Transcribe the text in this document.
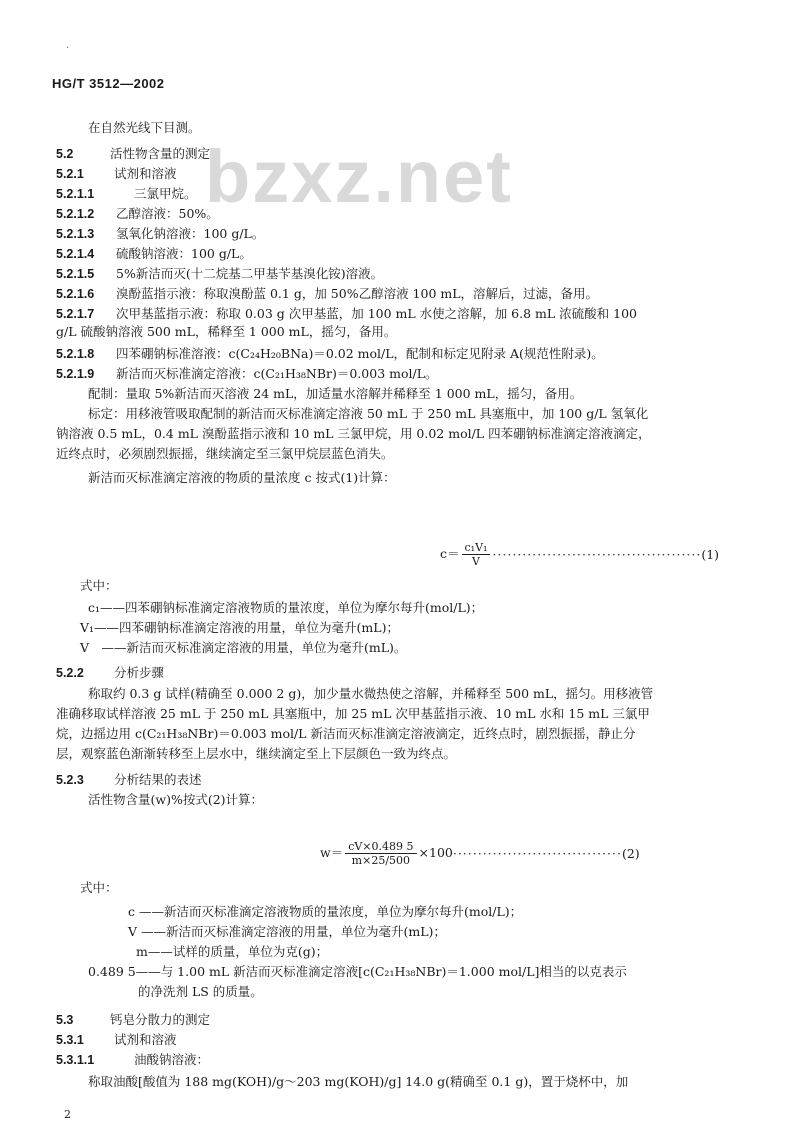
.
HG/T 3512—2002
bzxz.net
在自然光线下目测。
5.2	活性物含量的测定
5.2.1 试剂和溶液
5.2.1.1	三氯甲烷。
5.2.1.2 乙醇溶液：50%。
5.2.1.3 氢氧化钠溶液：100 g/L。
5.2.1.4 硫酸钠溶液：100 g/L。
5.2.1.5 5%新洁而灭(十二烷基二甲基苄基溴化铵)溶液。
5.2.1.6 溴酚蓝指示液：称取溴酚蓝 0.1 g，加 50%乙醇溶液 100 mL，溶解后，过滤，备用。
5.2.1.7 次甲基蓝指示液：称取 0.03 g 次甲基蓝，加 100 mL 水使之溶解，加 6.8 mL 浓硫酸和 100
g/L 硫酸钠溶液 500 mL，稀释至 1 000 mL，摇匀，备用。
5.2.1.8 四苯硼钠标准溶液：c(C₂₄H₂₀BNa)＝0.02 mol/L，配制和标定见附录 A(规范性附录)。
5.2.1.9 新洁而灭标准滴定溶液：c(C₂₁H₃₈NBr)＝0.003 mol/L。
配制：量取 5%新洁而灭溶液 24 mL，加适量水溶解并稀释至 1 000 mL，摇匀，备用。
标定：用移液管吸取配制的新洁而灭标准滴定溶液 50 mL 于 250 mL 具塞瓶中，加 100 g/L 氢氧化
钠溶液 0.5 mL，0.4 mL 溴酚蓝指示液和 10 mL 三氯甲烷，用 0.02 mol/L 四苯硼钠标准滴定溶液滴定，
近终点时，必须剧烈振摇，继续滴定至三氯甲烷层蓝色消失。
新洁而灭标准滴定溶液的物质的量浓度 c 按式(1)计算：
式中：
c₁——四苯硼钠标准滴定溶液物质的量浓度，单位为摩尔每升(mol/L)；
V₁——四苯硼钠标准滴定溶液的用量，单位为毫升(mL)；
V　——新洁而灭标准滴定溶液的用量，单位为毫升(mL)。
5.2.2 分析步骤
称取约 0.3 g 试样(精确至 0.000 2 g)，加少量水微热使之溶解，并稀释至 500 mL，摇匀。用移液管
准确移取试样溶液 25 mL 于 250 mL 具塞瓶中，加 25 mL 次甲基蓝指示液、10 mL 水和 15 mL 三氯甲
烷，边摇边用 c(C₂₁H₃₈NBr)＝0.003 mol/L 新洁而灭标准滴定溶液滴定，近终点时，剧烈振摇，静止分
层，观察蓝色渐渐转移至上层水中，继续滴定至上下层颜色一致为终点。
5.2.3 分析结果的表述
活性物含量(w)%按式(2)计算：
式中：
c ——新洁而灭标准滴定溶液物质的量浓度，单位为摩尔每升(mol/L)；
V ——新洁而灭标准滴定溶液的用量，单位为毫升(mL)；
m——试样的质量，单位为克(g)；
0.489 5——与 1.00 mL 新洁而灭标准滴定溶液[c(C₂₁H₃₈NBr)＝1.000 mol/L]相当的以克表示
的净洗剂 LS 的质量。
5.3	钙皂分散力的测定
5.3.1 试剂和溶液
5.3.1.1	油酸钠溶液：
称取油酸[酸值为 188 mg(KOH)/g～203 mg(KOH)/g] 14.0 g(精确至 0.1 g)，置于烧杯中，加
$c= \frac{\text{c₁V₁}}{V} \cdot\cdot\cdot\cdot\cdot\cdot\cdot\cdot\cdot\cdot\cdot\cdot\cdot\cdot\cdot\cdot\cdot\cdot\cdot\cdot\cdot\cdot\cdot\cdot\cdot\cdot\cdot\cdot\cdot\cdot\cdot\cdot\cdot\cdot\cdot\cdot\cdot\cdot\cdot\cdot\cdot\cdot(1)$
$w= \frac{cV\times 0.489 5}{m\times 25/500} \times 100\cdot\cdot\cdot\cdot\cdot\cdot\cdot\cdot\cdot\cdot\cdot\cdot\cdot\cdot\cdot\cdot\cdot\cdot\cdot\cdot\cdot\cdot\cdot\cdot\cdot\cdot\cdot\cdot\cdot\cdot\cdot\cdot\cdot\cdot(2)$
2
